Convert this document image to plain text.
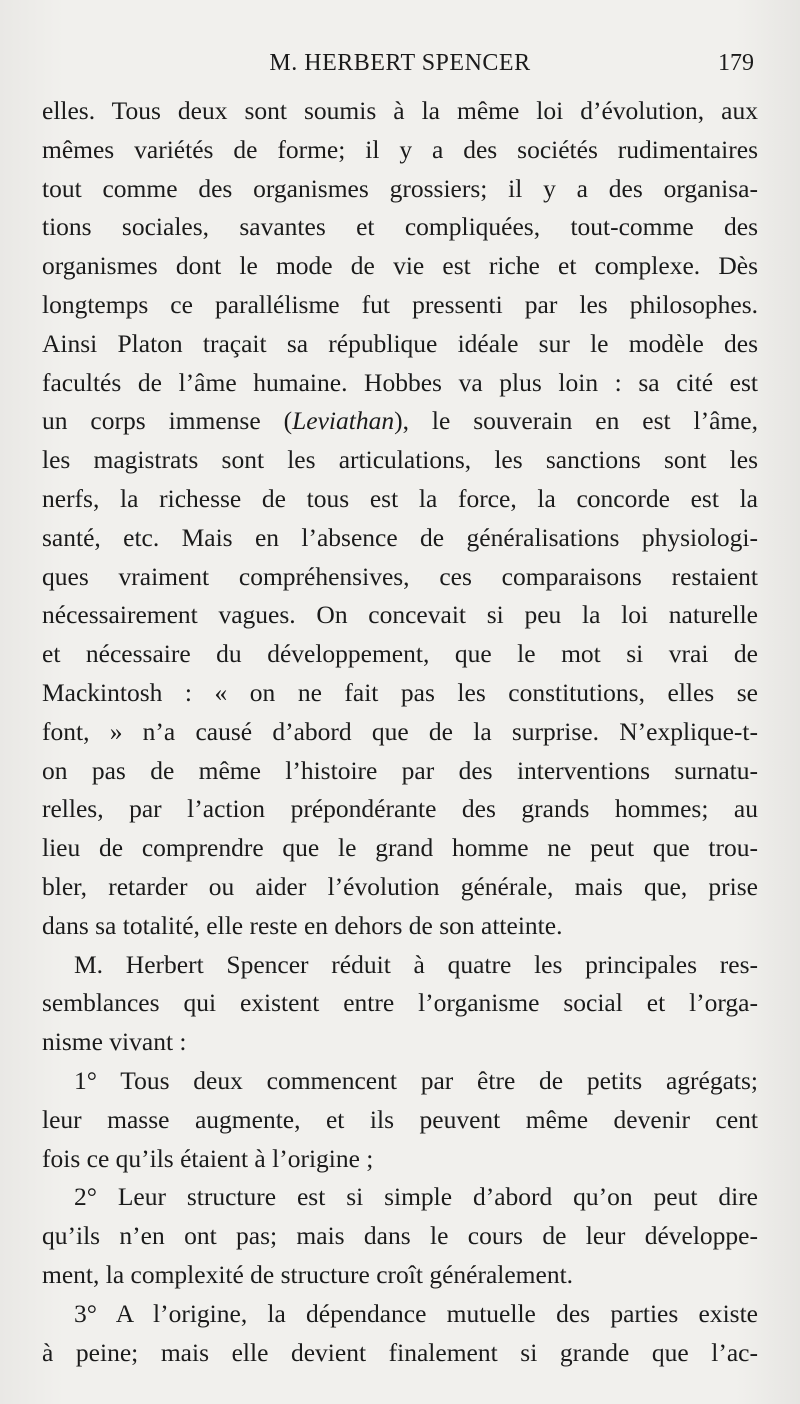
M. HERBERT SPENCER	179
elles. Tous deux sont soumis à la même loi d’évolution, aux
mêmes variétés de forme; il y a des sociétés rudimentaires
tout comme des organismes grossiers; il y a des organisa-
tions sociales, savantes et compliquées, tout-comme des
organismes dont le mode de vie est riche et complexe. Dès
longtemps ce parallélisme fut pressenti par les philosophes.
Ainsi Platon traçait sa république idéale sur le modèle des
facultés de l’âme humaine. Hobbes va plus loin : sa cité est
un corps immense (Leviathan), le souverain en est l’âme,
les magistrats sont les articulations, les sanctions sont les
nerfs, la richesse de tous est la force, la concorde est la
santé, etc. Mais en l’absence de généralisations physiologi-
ques vraiment compréhensives, ces comparaisons restaient
nécessairement vagues. On concevait si peu la loi naturelle
et nécessaire du développement, que le mot si vrai de
Mackintosh : « on ne fait pas les constitutions, elles se
font, » n’a causé d’abord que de la surprise. N’explique-t-
on pas de même l’histoire par des interventions surnatu-
relles, par l’action prépondérante des grands hommes; au
lieu de comprendre que le grand homme ne peut que trou-
bler, retarder ou aider l’évolution générale, mais que, prise
dans sa totalité, elle reste en dehors de son atteinte.
M. Herbert Spencer réduit à quatre les principales res-
semblances qui existent entre l’organisme social et l’orga-
nisme vivant :
1° Tous deux commencent par être de petits agrégats;
leur masse augmente, et ils peuvent même devenir cent
fois ce qu’ils étaient à l’origine ;
2° Leur structure est si simple d’abord qu’on peut dire
qu’ils n’en ont pas; mais dans le cours de leur développe-
ment, la complexité de structure croît généralement.
3° A l’origine, la dépendance mutuelle des parties existe
à peine; mais elle devient finalement si grande que l’ac-
